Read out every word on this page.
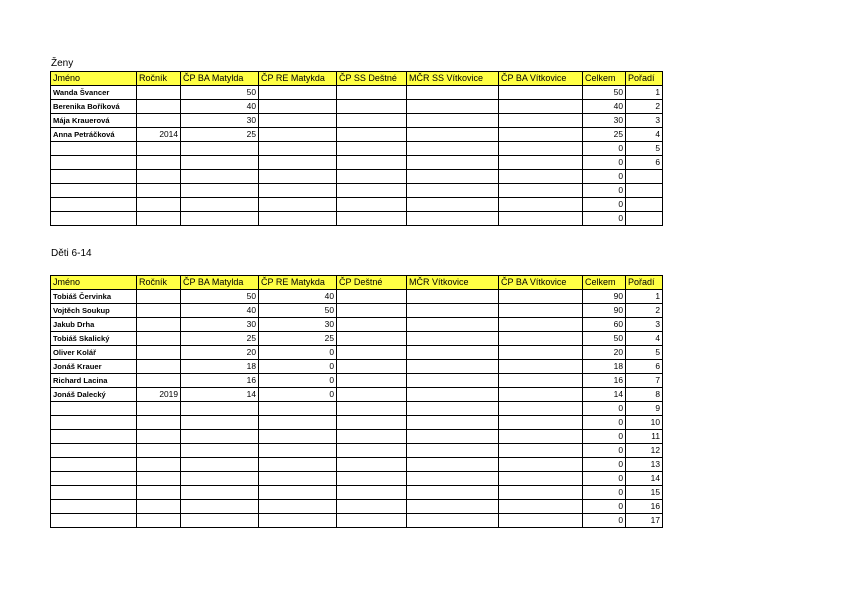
Ženy
Jméno	Ročník	ČP BA Matylda	ČP RE Matykda	ČP SS Deštné	MČR SS Vítkovice	ČP BA Vítkovice	Celkem	Pořadí
Wanda Švancer		50					50	1
Berenika Boříková		40					40	2
Mája Krauerová		30					30	3
Anna Petráčková	2014	25					25	4
							0	5
							0	6
							0	
							0	
							0	
							0	
Děti 6-14
Jméno	Ročník	ČP BA Matylda	ČP RE Matykda	ČP Deštné	MČR Vítkovice	ČP BA Vítkovice	Celkem	Pořadí
Tobiáš Červinka		50	40				90	1
Vojtěch Soukup		40	50				90	2
Jakub Drha		30	30				60	3
Tobiáš Skalický		25	25				50	4
Oliver Kolář		20	0				20	5
Jonáš Krauer		18	0				18	6
Richard Lacina		16	0				16	7
Jonáš Dalecký	2019	14	0				14	8
							0	9
							0	10
							0	11
							0	12
							0	13
							0	14
							0	15
							0	16
							0	17
